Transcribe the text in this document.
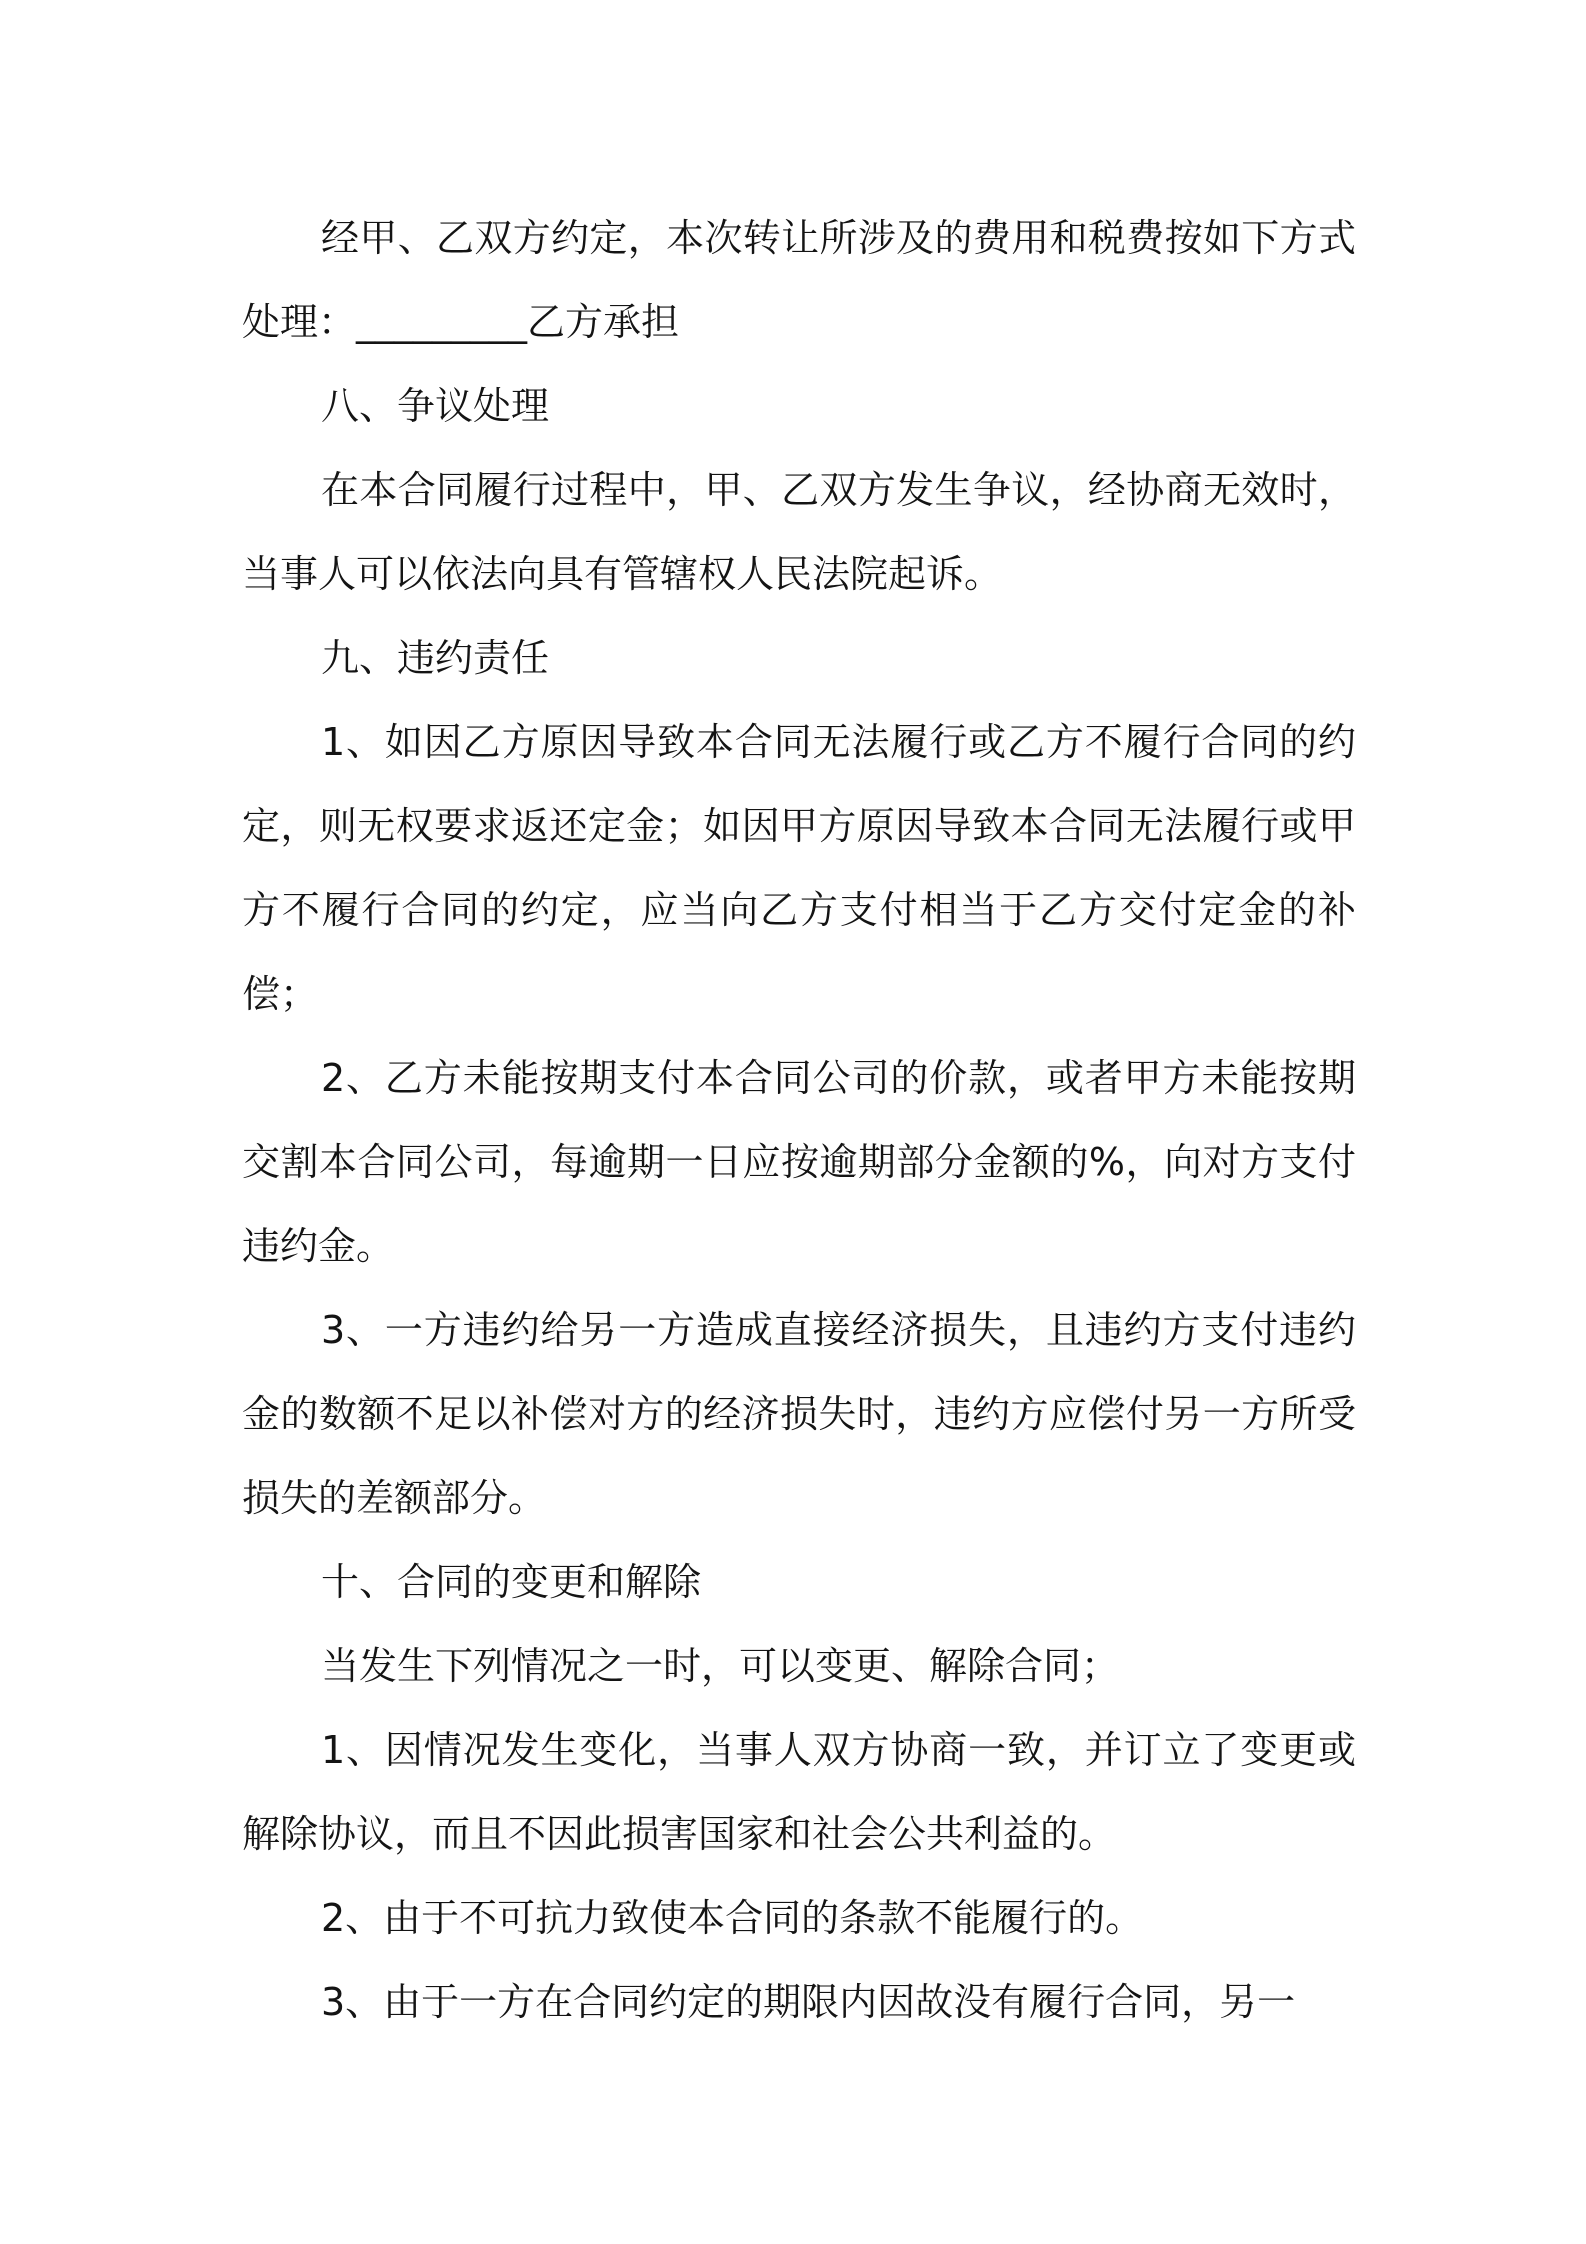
经甲、乙双方约定，本次转让所涉及的费用和税费按如下方式处理：_________乙方承担

八、争议处理

在本合同履行过程中，甲、乙双方发生争议，经协商无效时，当事人可以依法向具有管辖权人民法院起诉。

九、违约责任

1、如因乙方原因导致本合同无法履行或乙方不履行合同的约定，则无权要求返还定金；如因甲方原因导致本合同无法履行或甲方不履行合同的约定，应当向乙方支付相当于乙方交付定金的补偿；

2、乙方未能按期支付本合同公司的价款，或者甲方未能按期交割本合同公司，每逾期一日应按逾期部分金额的%，向对方支付违约金。

3、一方违约给另一方造成直接经济损失，且违约方支付违约金的数额不足以补偿对方的经济损失时，违约方应偿付另一方所受损失的差额部分。

十、合同的变更和解除

当发生下列情况之一时，可以变更、解除合同；

1、因情况发生变化，当事人双方协商一致，并订立了变更或解除协议，而且不因此损害国家和社会公共利益的。

2、由于不可抗力致使本合同的条款不能履行的。

3、由于一方在合同约定的期限内因故没有履行合同，另一
